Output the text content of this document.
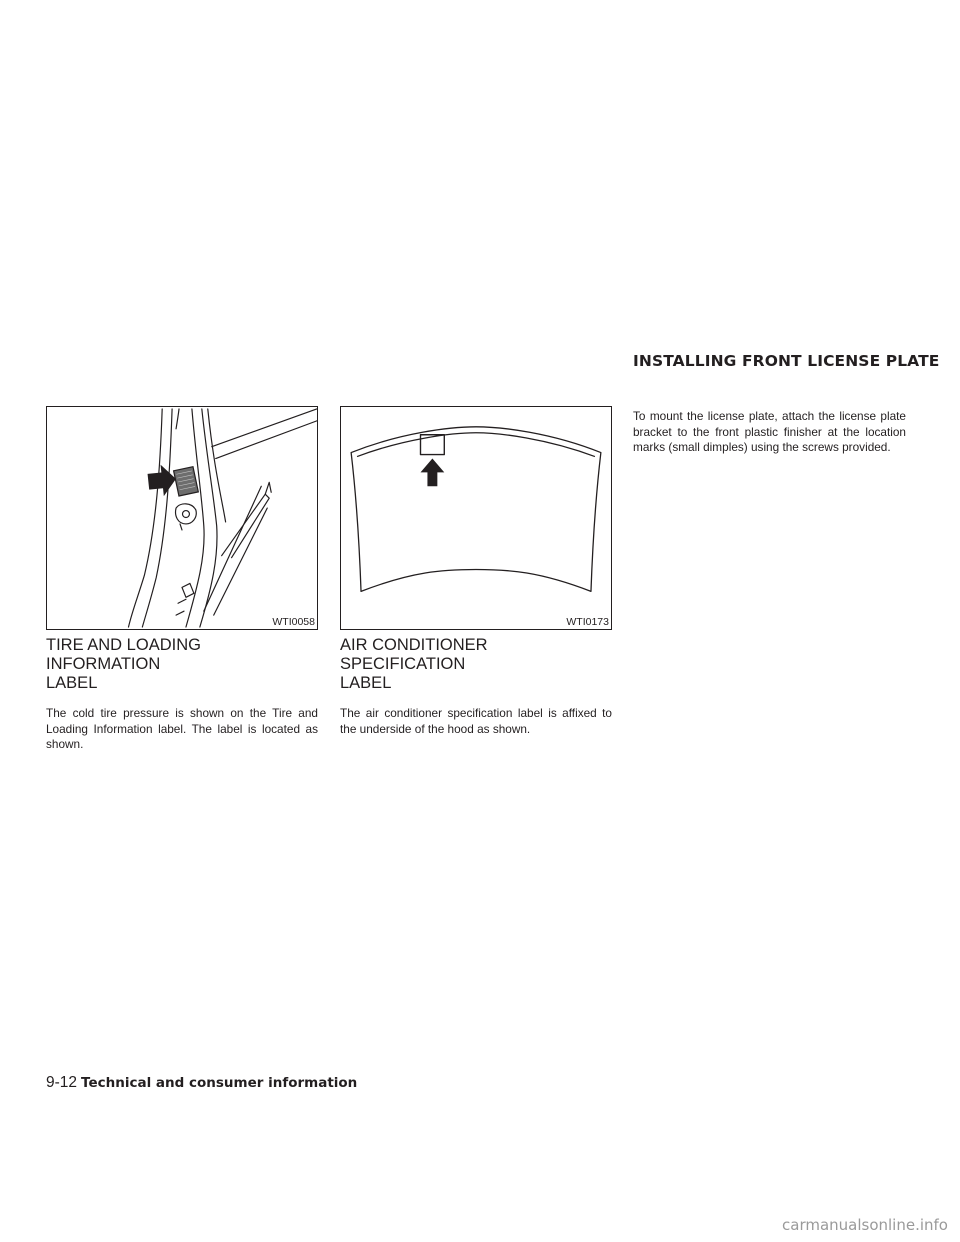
INSTALLING FRONT LICENSE PLATE
WTI0058	WTI0173
TIRE AND LOADING INFORMATION
LABEL

The cold tire pressure is shown on the Tire and Loading Information label. The label is located as shown.

AIR CONDITIONER SPECIFICATION
LABEL

The air conditioner specification label is affixed to the underside of the hood as shown.

To mount the license plate, attach the license plate bracket to the front plastic finisher at the location marks (small dimples) using the screws provided.

9-12 Technical and consumer information
carmanualsonline.info
